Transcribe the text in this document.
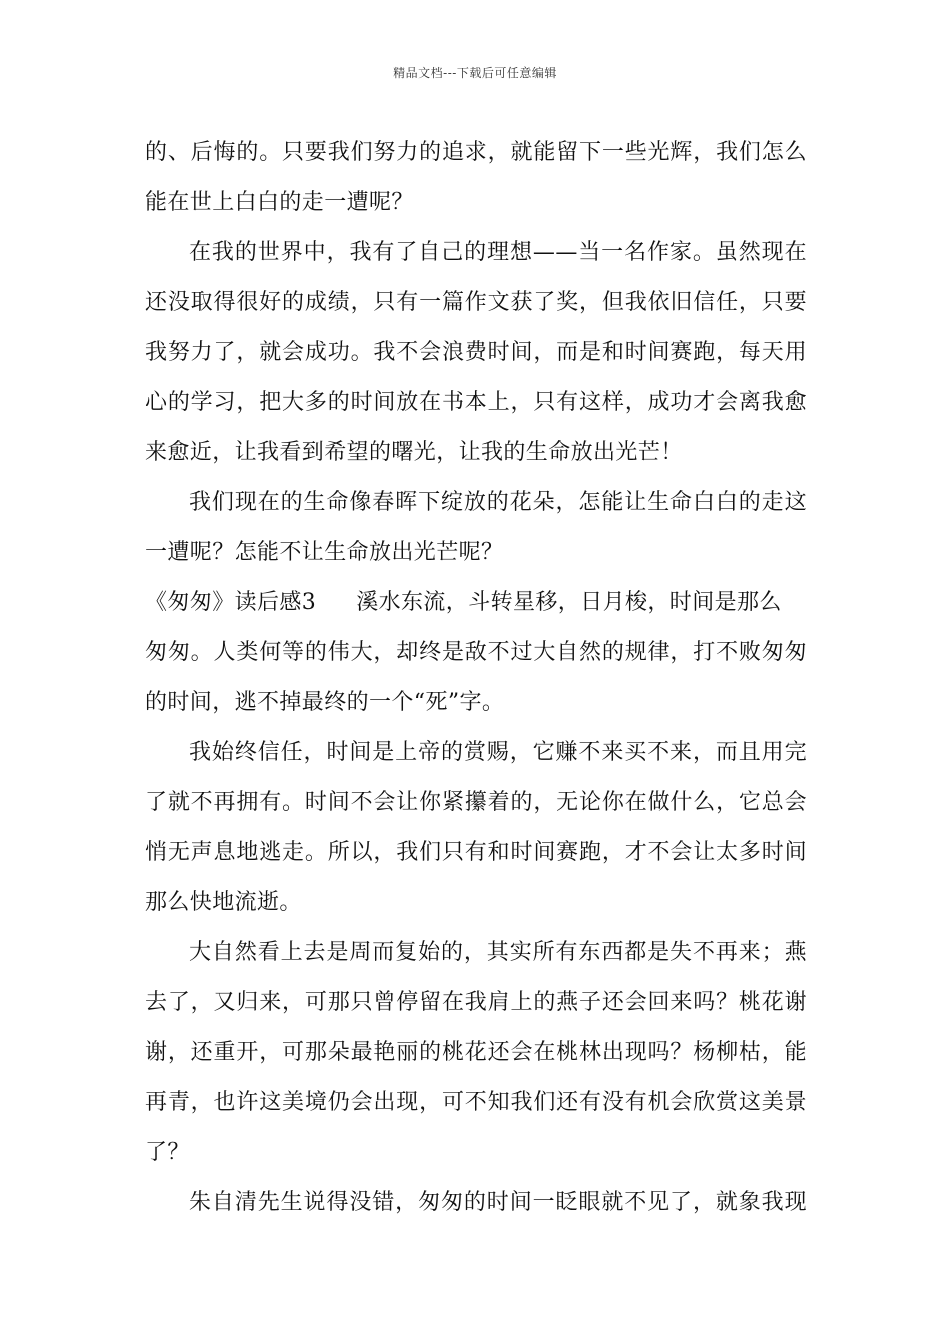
精品文档---下载后可任意编辑
的、后悔的。只要我们努力的追求，就能留下一些光辉，我们怎么
能在世上白白的走一遭呢？
在我的世界中，我有了自己的理想——当一名作家。虽然现在
还没取得很好的成绩，只有一篇作文获了奖，但我依旧信任，只要
我努力了，就会成功。我不会浪费时间，而是和时间赛跑，每天用
心的学习，把大多的时间放在书本上，只有这样，成功才会离我愈
来愈近，让我看到希望的曙光，让我的生命放出光芒！
我们现在的生命像春晖下绽放的花朵，怎能让生命白白的走这
一遭呢？怎能不让生命放出光芒呢？
《匆匆》读后感3 溪水东流，斗转星移，日月梭，时间是那么
匆匆。人类何等的伟大，却终是敌不过大自然的规律，打不败匆匆
的时间，逃不掉最终的一个“死”字。
我始终信任，时间是上帝的赏赐，它赚不来买不来，而且用完
了就不再拥有。时间不会让你紧攥着的，无论你在做什么，它总会
悄无声息地逃走。所以，我们只有和时间赛跑，才不会让太多时间
那么快地流逝。
大自然看上去是周而复始的，其实所有东西都是失不再来；燕
去了，又归来，可那只曾停留在我肩上的燕子还会回来吗？桃花谢
谢，还重开，可那朵最艳丽的桃花还会在桃林出现吗？杨柳枯，能
再青，也许这美境仍会出现，可不知我们还有没有机会欣赏这美景
了？
朱自清先生说得没错，匆匆的时间一眨眼就不见了，就象我现
